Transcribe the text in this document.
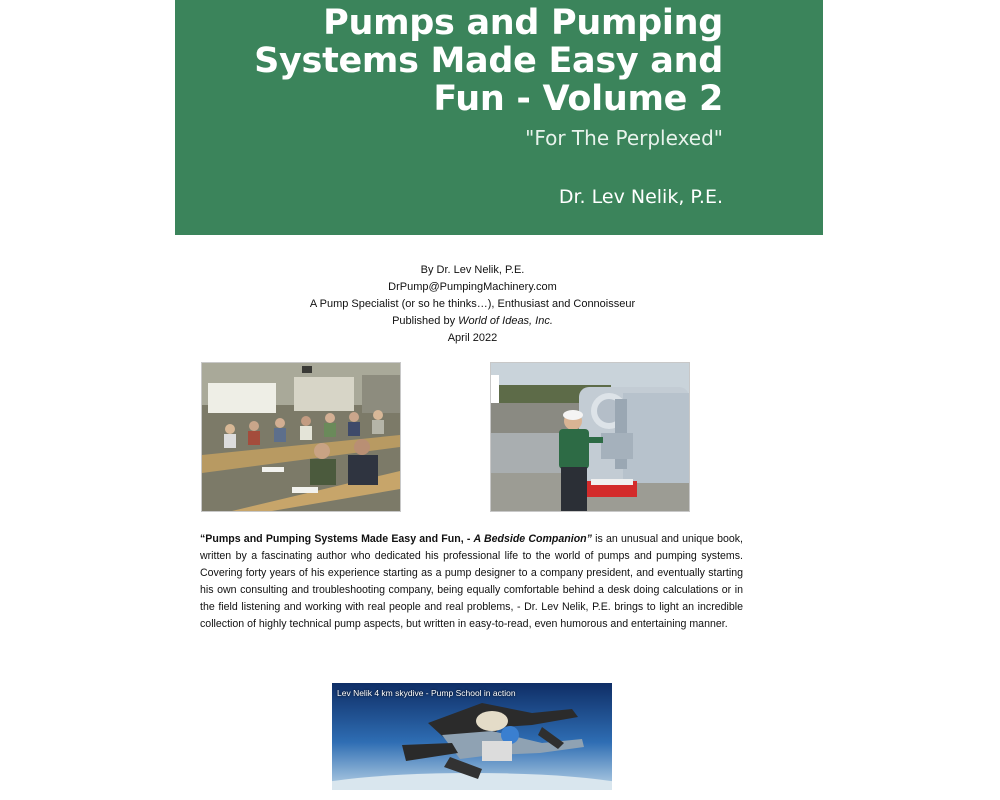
Pumps and Pumping Systems Made Easy and Fun - Volume 2
"For The Perplexed"
Dr. Lev Nelik, P.E.
By Dr. Lev Nelik, P.E.
DrPump@PumpingMachinery.com
A Pump Specialist (or so he thinks…), Enthusiast and Connoisseur
Published by World of Ideas, Inc.
April 2022
“Pumps and Pumping Systems Made Easy and Fun, - A Bedside Companion” is an unusual and unique book, written by a fascinating author who dedicated his professional life to the world of pumps and pumping systems. Covering forty years of his experience starting as a pump designer to a company president, and eventually starting his own consulting and troubleshooting company, being equally comfortable behind a desk doing calculations or in the field listening and working with real people and real problems, - Dr. Lev Nelik, P.E. brings to light an incredible collection of highly technical pump aspects, but written in easy-to-read, even humorous and entertaining manner.
Lev Nelik 4 km skydive - Pump School in action
